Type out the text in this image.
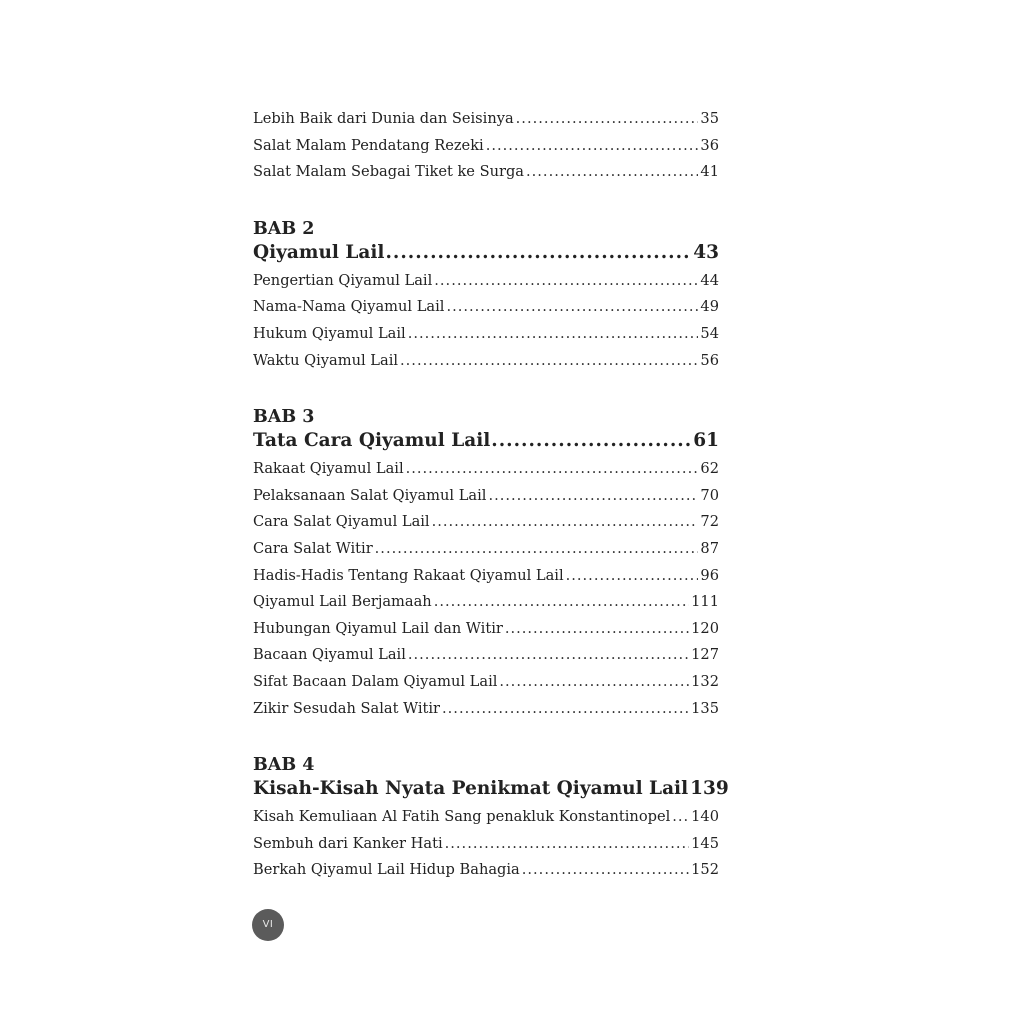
Lebih Baik dari Dunia dan Seisinya .....	35
Salat Malam Pendatang Rezeki .....	36
Salat Malam Sebagai Tiket ke Surga .....	41
BAB 2
Qiyamul Lail .....	43
Pengertian Qiyamul Lail .....	44
Nama-Nama Qiyamul Lail .....	49
Hukum Qiyamul Lail .....	54
Waktu Qiyamul Lail .....	56
BAB 3
Tata Cara Qiyamul Lail .....	61
Rakaat Qiyamul Lail .....	62
Pelaksanaan Salat Qiyamul Lail .....	70
Cara Salat Qiyamul Lail .....	72
Cara Salat Witir .....	87
Hadis-Hadis Tentang Rakaat Qiyamul Lail .....	96
Qiyamul Lail Berjamaah .....	111
Hubungan Qiyamul Lail dan Witir .....	120
Bacaan Qiyamul Lail .....	127
Sifat Bacaan Dalam Qiyamul Lail .....	132
Zikir Sesudah Salat Witir .....	135
BAB 4
Kisah-Kisah Nyata Penikmat Qiyamul Lail 139
Kisah Kemuliaan Al Fatih Sang penakluk Konstantinopel ..... 140
Sembuh dari Kanker Hati .....	145
Berkah Qiyamul Lail Hidup Bahagia .....	152
VI
